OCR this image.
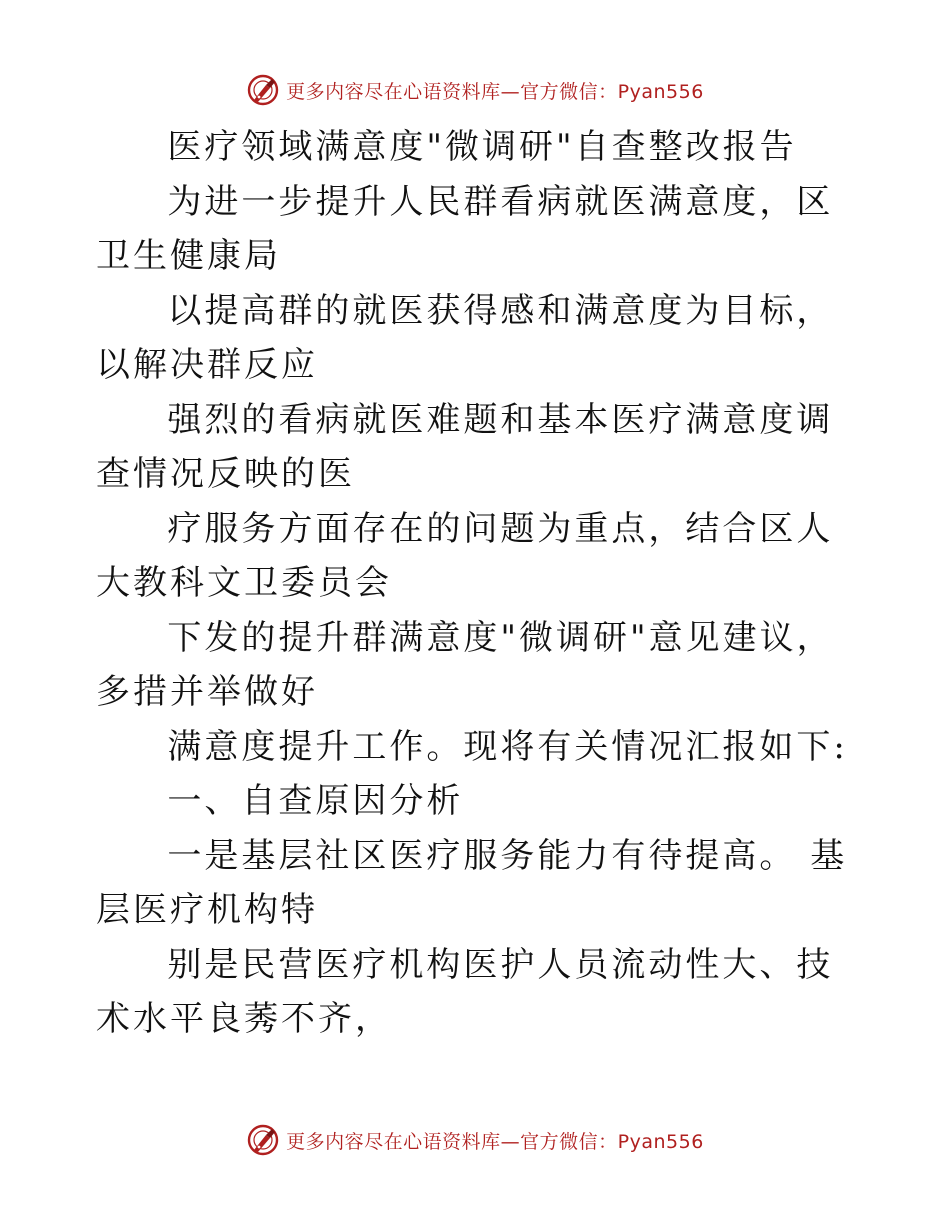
更多内容尽在心语资料库—官方微信：Pyan556

医疗领域满意度"微调研"自查整改报告

为进一步提升人民群看病就医满意度，区卫生健康局

以提高群的就医获得感和满意度为目标，以解决群反应

强烈的看病就医难题和基本医疗满意度调查情况反映的医

疗服务方面存在的问题为重点，结合区人大教科文卫委员会

下发的提升群满意度"微调研"意见建议，多措并举做好

满意度提升工作。现将有关情况汇报如下:

一、自查原因分析

一是基层社区医疗服务能力有待提高。 基层医疗机构特

别是民营医疗机构医护人员流动性大、技术水平良莠不齐，

更多内容尽在心语资料库—官方微信：Pyan556
